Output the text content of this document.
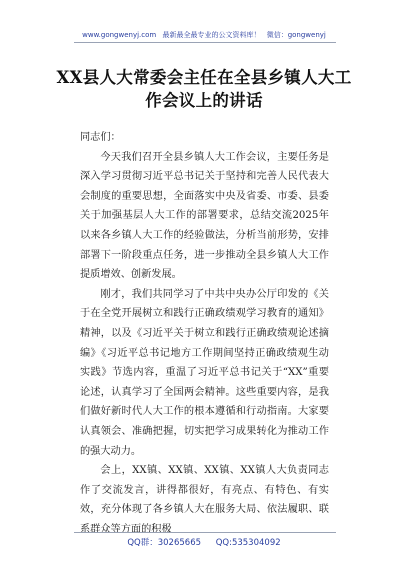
www.gongwenyj.com 最新最全最专业的公文资料库！ 微信：gongwenyj
XX县人大常委会主任在全县乡镇人大工作会议上的讲话

同志们：

今天我们召开全县乡镇人大工作会议，主要任务是深入学习贯彻习近平总书记关于坚持和完善人民代表大会制度的重要思想，全面落实中央及省委、市委、县委关于加强基层人大工作的部署要求，总结交流2025年以来各乡镇人大工作的经验做法，分析当前形势，安排部署下一阶段重点任务，进一步推动全县乡镇人大工作提质增效、创新发展。

刚才，我们共同学习了中共中央办公厅印发的《关于在全党开展树立和践行正确政绩观学习教育的通知》精神，以及《习近平关于树立和践行正确政绩观论述摘编》《习近平总书记地方工作期间坚持正确政绩观生动实践》节选内容，重温了习近平总书记关于“XX”重要论述，认真学习了全国两会精神。这些重要内容，是我们做好新时代人大工作的根本遵循和行动指南。大家要认真领会、准确把握，切实把学习成果转化为推动工作的强大动力。

会上，XX镇、XX镇、XX镇、XX镇人大负责同志作了交流发言，讲得都很好，有亮点、有特色、有实效，充分体现了各乡镇人大在服务大局、依法履职、联系群众等方面的积极

QQ群：30265665 QQ:535304092
